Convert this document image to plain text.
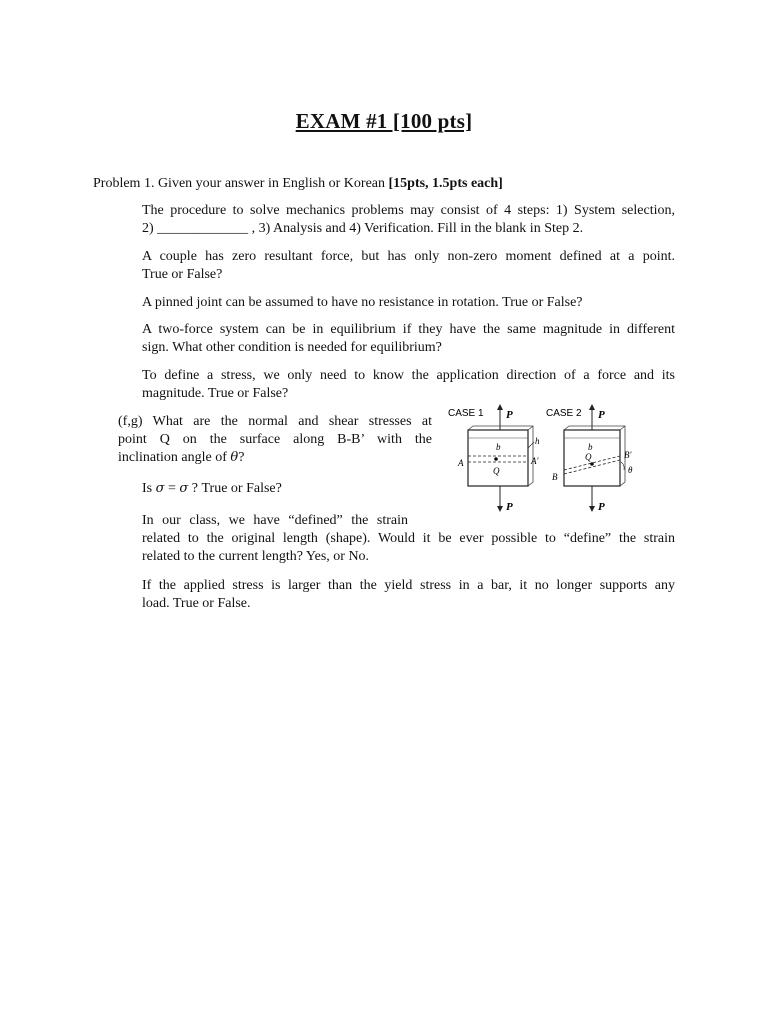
EXAM #1 [100 pts]
Problem 1. Given your answer in English or Korean [15pts, 1.5pts each]

The procedure to solve mechanics problems may consist of 4 steps: 1) System selection,
2) _____________ , 3) Analysis and 4) Verification. Fill in the blank in Step 2.

A couple has zero resultant force, but has only non-zero moment defined at a point.
True or False?

A pinned joint can be assumed to have no resistance in rotation. True or False?

A two-force system can be in equilibrium if they have the same magnitude in different
sign. What other condition is needed for equilibrium?

To define a stress, we only need to know the application direction of a force and its
magnitude. True or False?

(f,g) What are the normal and shear stresses at
point Q on the surface along B-B’ with the
inclination angle of θ?
Is σ = σ ? True or False?
In our class, we have “defined” the strain

related to the original length (shape). Would it be ever possible to “define” the strain
related to the current length? Yes, or No.

If the applied stress is larger than the yield stress in a bar, it no longer supports any
load. True or False.

CASE 1 P
b
Q
A	A′
h
P
CASE 2 P
b
Q
B
B′
θ
P
